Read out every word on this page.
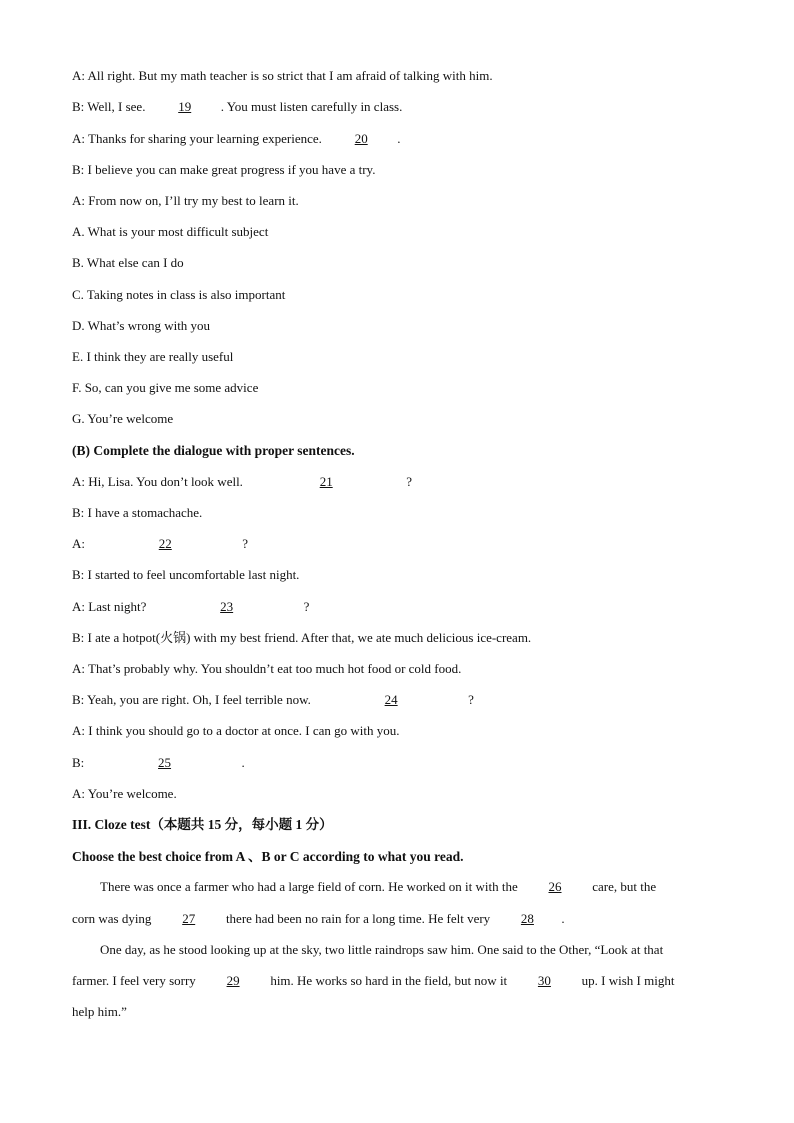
A: All right. But my math teacher is so strict that I am afraid of talking with him.
B: Well, I see. 19 . You must listen carefully in class.
A: Thanks for sharing your learning experience. 20 .
B: I believe you can make great progress if you have a try.
A: From now on, I’ll try my best to learn it.
A. What is your most difficult subject
B. What else can I do
C. Taking notes in class is also important
D. What’s wrong with you
E. I think they are really useful
F. So, can you give me some advice
G. You’re welcome
(B) Complete the dialogue with proper sentences.
A: Hi, Lisa. You don’t look well.	21	?
B: I have a stomachache.
A:	22	?
B: I started to feel uncomfortable last night.
A: Last night?	23	?
B: I ate a hotpot(火锅) with my best friend. After that, we ate much delicious ice-cream.
A: That’s probably why. You shouldn’t eat too much hot food or cold food.
B: Yeah, you are right. Oh, I feel terrible now.	24	?
A: I think you should go to a doctor at once. I can go with you.
B:	25	.
A: You’re welcome.
III. Cloze test（本题共 15 分，每小题 1 分）
Choose the best choice from A 、B or C according to what you read.
There was once a farmer who had a large field of corn. He worked on it with the 26 care, but the
corn was dying 27 there had been no rain for a long time. He felt very 28 .
One day, as he stood looking up at the sky, two little raindrops saw him. One said to the Other, “Look at that
farmer. I feel very sorry 29 him. He works so hard in the field, but now it 30 up. I wish I might
help him.”
